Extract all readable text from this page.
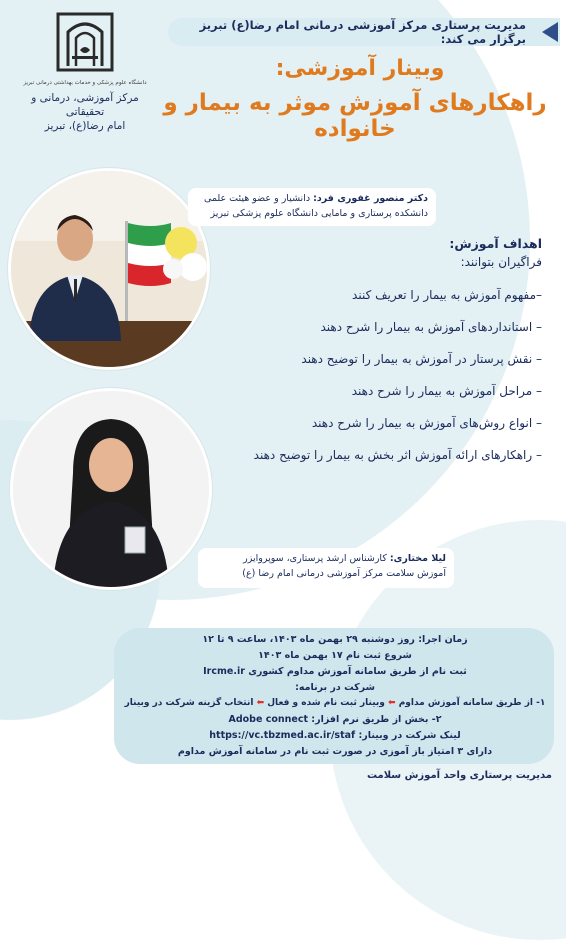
مدیریت پرستاری مرکز آموزشی درمانی امام رضا(ع) تبریز برگزار می کند:
دانشگاه علوم پزشکی و خدمات بهداشتی درمانی تبریز
مرکز آموزشی، درمانی و تحقیقاتی
امام رضا(ع)، تبریز
وبینار آموزشی:
راهکارهای آموزش موثر به بیمار و خانواده
دکتر منصور غفوری فرد: دانشیار و عضو هیئت علمی
دانشکده پرستاری و مامایی دانشگاه علوم پزشکی تبریز
اهداف آموزش:
فراگیران بتوانند:
–مفهوم آموزش به بیمار را تعریف کنند
– استانداردهای آموزش به بیمار را شرح دهند
– نقش پرستار در آموزش به بیمار را توضیح دهند
– مراحل آموزش به بیمار را شرح دهند
– انواع روش‌های آموزش به بیمار را شرح دهند
– راهکارهای ارائه آموزش اثر بخش به بیمار را توضیح دهند
لیلا مختاری: کارشناس ارشد پرستاری، سوپروایزر
آموزش سلامت مرکز آموزشی درمانی امام رضا (ع)
زمان اجرا: روز دوشنبه ۲۹ بهمن ماه ۱۴۰۳، ساعت ۹ تا ۱۲
شروع ثبت نام ۱۷ بهمن ماه ۱۴۰۳
ثبت نام از طریق سامانه آموزش مداوم کشوری Ircme.ir
شرکت در برنامه:
۱- از طریق سامانه آموزش مداوم ⬅ وبینار ثبت نام شده و فعال ⬅ انتخاب گزینه شرکت در وبینار
۲- بخش از طریق نرم افزار: Adobe connect
لینک شرکت در وبینار: https://vc.tbzmed.ac.ir/staf
دارای ۳ امتیاز باز آموزی در صورت ثبت نام در سامانه آموزش مداوم
مدیریت پرستاری واحد آموزش سلامت
